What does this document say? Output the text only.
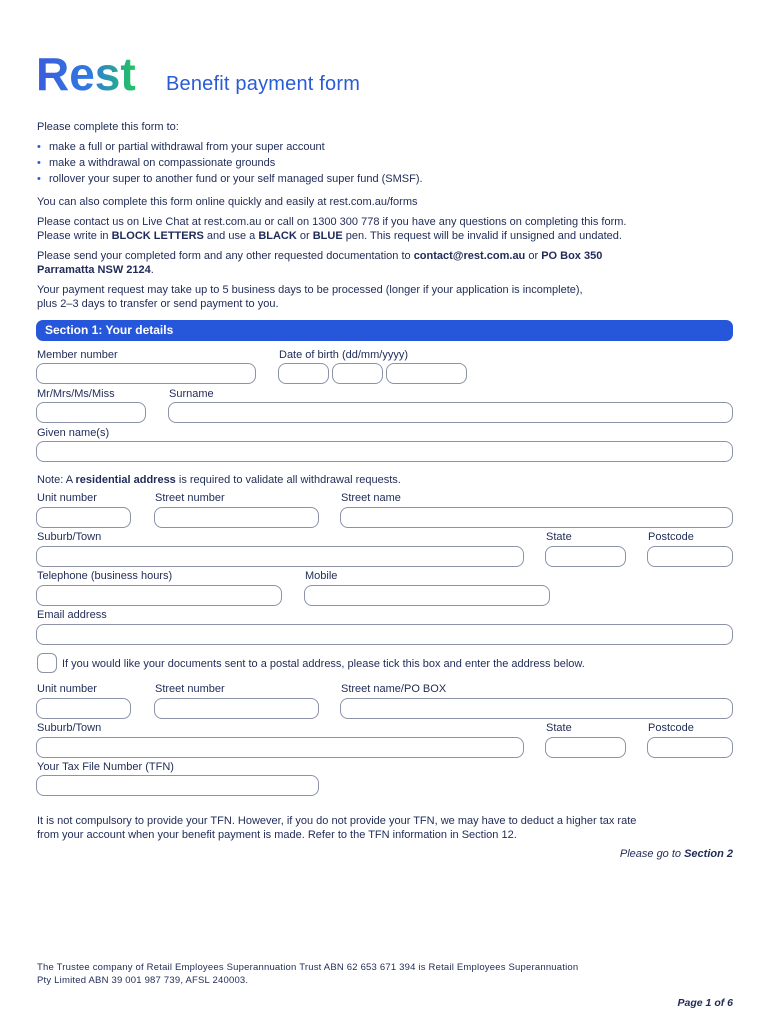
Rest Benefit payment form
Please complete this form to:
• make a full or partial withdrawal from your super account
• make a withdrawal on compassionate grounds
• rollover your super to another fund or your self managed super fund (SMSF).
You can also complete this form online quickly and easily at rest.com.au/forms
Please contact us on Live Chat at rest.com.au or call on 1300 300 778 if you have any questions on completing this form.
Please write in BLOCK LETTERS and use a BLACK or BLUE pen. This request will be invalid if unsigned and undated.
Please send your completed form and any other requested documentation to contact@rest.com.au or PO Box 350
Parramatta NSW 2124.
Your payment request may take up to 5 business days to be processed (longer if your application is incomplete),
plus 2–3 days to transfer or send payment to you.
Section 1: Your details
Member number	Date of birth (dd/mm/yyyy)
Mr/Mrs/Ms/Miss	Surname
Given name(s)
Note: A residential address is required to validate all withdrawal requests.
Unit number	Street number	Street name
Suburb/Town	State	Postcode
Telephone (business hours)	Mobile
Email address
If you would like your documents sent to a postal address, please tick this box and enter the address below.
Unit number	Street number	Street name/PO BOX
Suburb/Town	State	Postcode
Your Tax File Number (TFN)
It is not compulsory to provide your TFN. However, if you do not provide your TFN, we may have to deduct a higher tax rate
from your account when your benefit payment is made. Refer to the TFN information in Section 12.
Please go to Section 2
The Trustee company of Retail Employees Superannuation Trust ABN 62 653 671 394 is Retail Employees Superannuation
Pty Limited ABN 39 001 987 739, AFSL 240003.
Page 1 of 6
